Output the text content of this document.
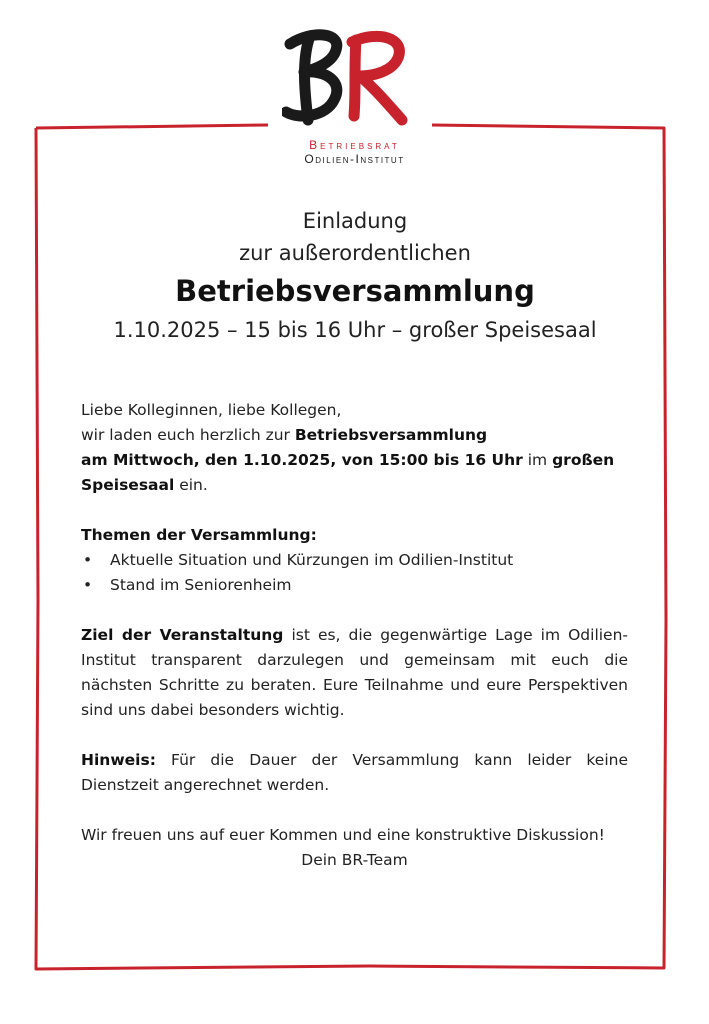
Betriebsrat
Odilien-Institut
Einladung
zur außerordentlichen
Betriebsversammlung
1.10.2025 – 15 bis 16 Uhr – großer Speisesaal

Liebe Kolleginnen, liebe Kollegen,

wir laden euch herzlich zur Betriebsversammlung
am Mittwoch, den 1.10.2025, von 15:00 bis 16 Uhr im großen Speisesaal ein.

Themen der Versammlung:

• Aktuelle Situation und Kürzungen im Odilien-Institut
• Stand im Seniorenheim

Ziel der Veranstaltung ist es, die gegenwärtige Lage im Odilien-Institut transparent darzulegen und gemeinsam mit euch die nächsten Schritte zu beraten. Eure Teilnahme und eure Perspektiven sind uns dabei besonders wichtig.

Hinweis: Für die Dauer der Versammlung kann leider keine Dienstzeit angerechnet werden.

Wir freuen uns auf euer Kommen und eine konstruktive Diskussion!

Dein BR-Team
